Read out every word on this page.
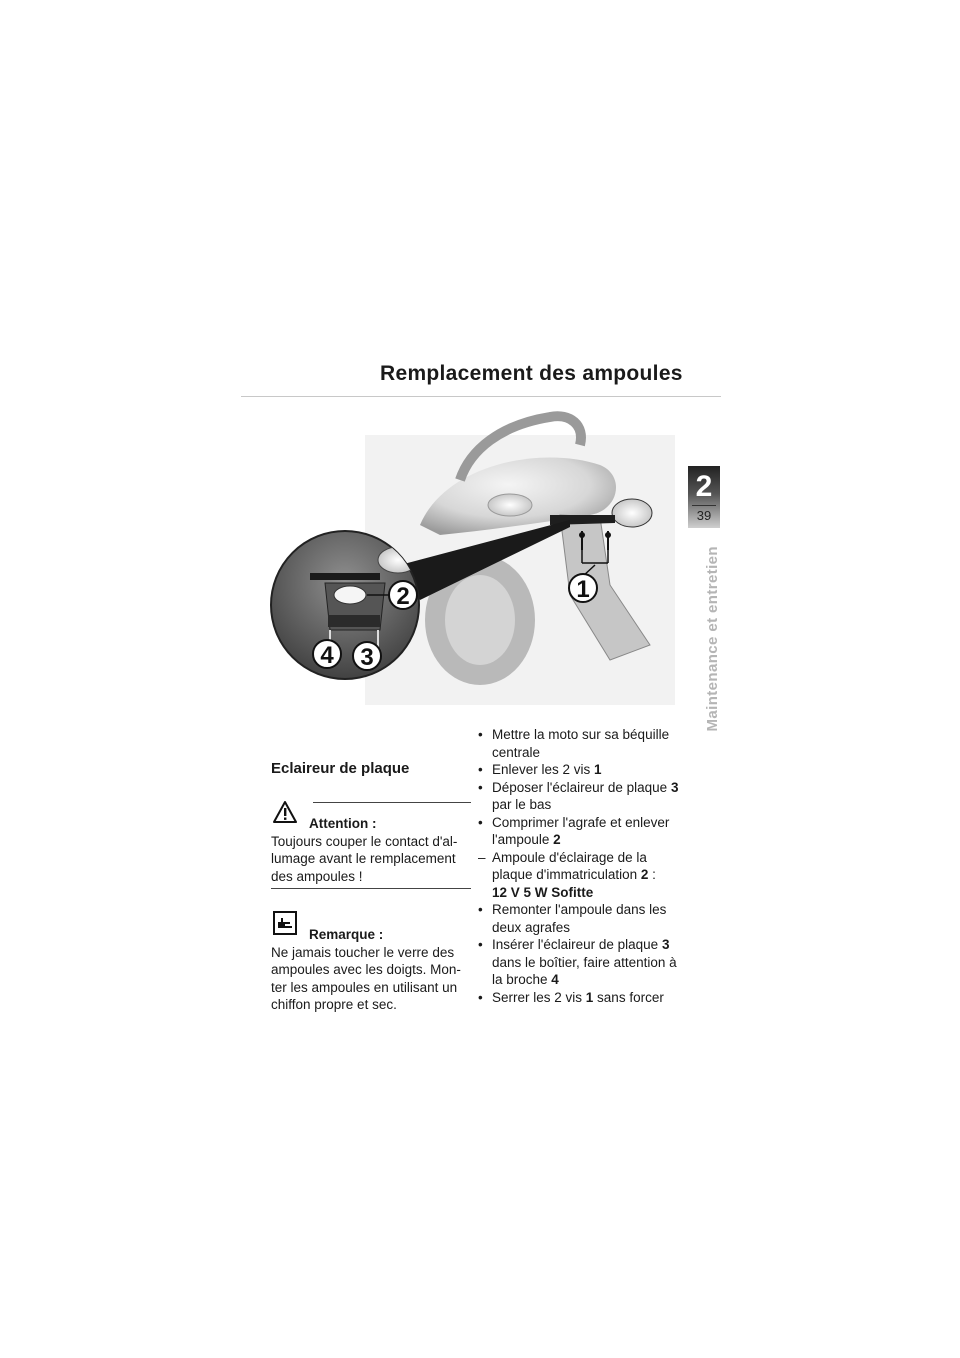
Remplacement des ampoules
2
39
Maintenance et entretien
2	1
4 3
Eclaireur de plaque
Attention :
Toujours couper le contact d'al-lumage avant le remplacement des ampoules !
Remarque :
Ne jamais toucher le verre des ampoules avec les doigts. Mon-ter les ampoules en utilisant un chiffon propre et sec.
• Mettre la moto sur sa béquille centrale
• Enlever les 2 vis 1
• Déposer l'éclaireur de plaque 3 par le bas
• Comprimer l'agrafe et enlever l'ampoule 2
– Ampoule d'éclairage de la plaque d'immatriculation 2 :
12 V 5 W Sofitte
• Remonter l'ampoule dans les deux agrafes
• Insérer l'éclaireur de plaque 3 dans le boîtier, faire attention à la broche 4
• Serrer les 2 vis 1 sans forcer
